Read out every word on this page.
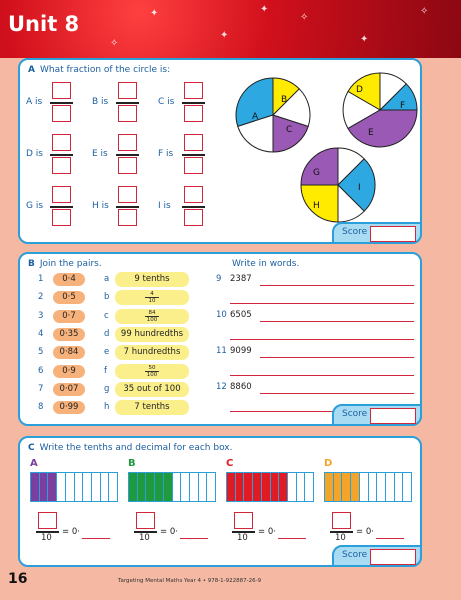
✦
✦
✧
✦
✧
✦
✧
Unit 8
A What fraction of the circle is:
A is	B is	C is
D is	E is	F is
G is	H is	I is
A
B
C
D
E
F
G
H
I
Score
B Join the pairs.	Write in words.
1	0·4
2	0·5
3	0·7
4	0·35
5	0·84
6	0·9
7	0·07
8	0·99
a	9 tenths
b $\frac{4}{10}$
c $\frac{84}{100}$
d	99 hundredths
e	7 hundredths
f $\frac{50}{100}$
g	35 out of 100
h	7 tenths
9 2387
10 6505
11 9099
12 8860
Score
C Write the tenths and decimal for each box.
A
10
= 0·
B
10
= 0·
C
10
= 0·
D
10
= 0·
Score
16	Targeting Mental Maths Year 4 • 978-1-922887-26-9
